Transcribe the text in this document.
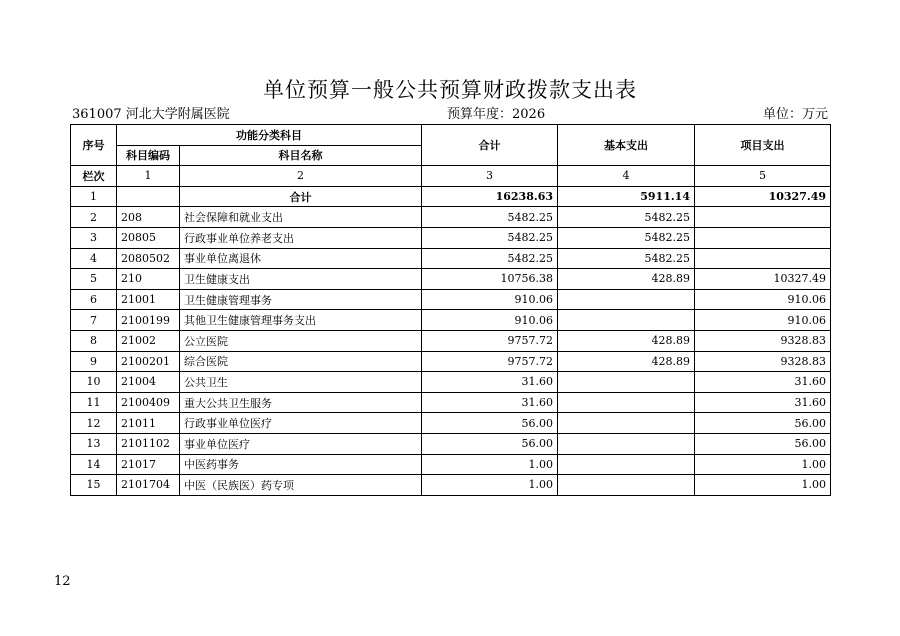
单位预算一般公共预算财政拨款支出表
361007 河北大学附属医院	预算年度：2026	单位：万元
序号	功能分类科目		合计	基本支出	项目支出
	科目编码	科目名称			
栏次	1	2	3	4	5
1		合计	16238.63	5911.14	10327.49
2	208	社会保障和就业支出	5482.25	5482.25	
3	20805	行政事业单位养老支出	5482.25	5482.25	
4	2080502	事业单位离退休	5482.25	5482.25	
5	210	卫生健康支出	10756.38	428.89	10327.49
6	21001	卫生健康管理事务	910.06		910.06
7	2100199	其他卫生健康管理事务支出	910.06		910.06
8	21002	公立医院	9757.72	428.89	9328.83
9	2100201	综合医院	9757.72	428.89	9328.83
10	21004	公共卫生	31.60		31.60
11	2100409	重大公共卫生服务	31.60		31.60
12	21011	行政事业单位医疗	56.00		56.00
13	2101102	事业单位医疗	56.00		56.00
14	21017	中医药事务	1.00		1.00
15	2101704	中医（民族医）药专项	1.00		1.00
12
